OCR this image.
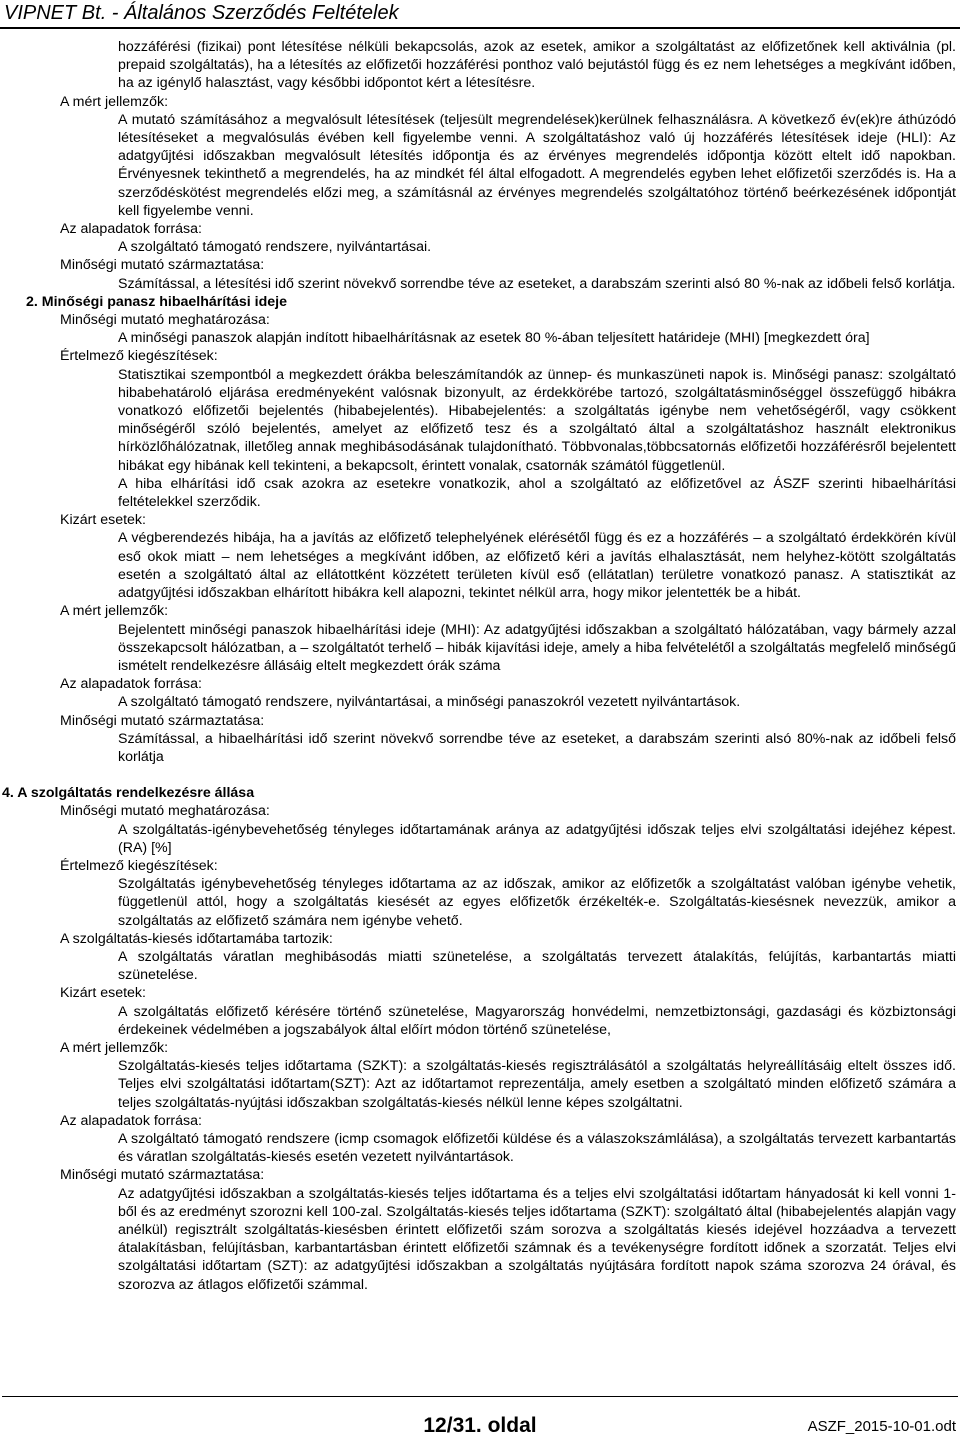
VIPNET Bt. - Általános Szerződés Feltételek

hozzáférési (fizikai) pont létesítése nélküli bekapcsolás, azok az esetek, amikor a szolgáltatást az előfizetőnek kell aktiválnia (pl. prepaid szolgáltatás), ha a létesítés az előfizetői hozzáférési ponthoz való bejutástól függ és ez nem lehetséges a megkívánt időben, ha az igénylő halasztást, vagy későbbi időpontot kért a létesítésre.

A mért jellemzők:

A mutató számításához a megvalósult létesítések (teljesült megrendelések)kerülnek felhasználásra. A következő év(ek)re áthúzódó létesítéseket a megvalósulás évében kell figyelembe venni. A szolgáltatáshoz való új hozzáférés létesítések ideje (HLI): Az adatgyűjtési időszakban megvalósult létesítés időpontja és az érvényes megrendelés időpontja között eltelt idő napokban. Érvényesnek tekinthető a megrendelés, ha az mindkét fél által elfogadott. A megrendelés egyben lehet előfizetői szerződés is. Ha a szerződéskötést megrendelés előzi meg, a számításnál az érvényes megrendelés szolgáltatóhoz történő beérkezésének időpontját kell figyelembe venni.

Az alapadatok forrása:

A szolgáltató támogató rendszere, nyilvántartásai.

Minőségi mutató származtatása:

Számítással, a létesítési idő szerint növekvő sorrendbe téve az eseteket, a darabszám szerinti alsó 80 %-nak az időbeli felső korlátja.

2. Minőségi panasz hibaelhárítási ideje

Minőségi mutató meghatározása:

A minőségi panaszok alapján indított hibaelhárításnak az esetek 80 %-ában teljesített határideje (MHI) [megkezdett óra]

Értelmező kiegészítések:

Statisztikai szempontból a megkezdett órákba beleszámítandók az ünnep- és munkaszüneti napok is. Minőségi panasz: szolgáltató hibabehatároló eljárása eredményeként valósnak bizonyult, az érdekkörébe tartozó, szolgáltatásminőséggel összefüggő hibákra vonatkozó előfizetői bejelentés (hibabejelentés). Hibabejelentés: a szolgáltatás igénybe nem vehetőségéről, vagy csökkent minőségéről szóló bejelentés, amelyet az előfizető tesz és a szolgáltató által a szolgáltatáshoz használt elektronikus hírközlőhálózatnak, illetőleg annak meghibásodásának tulajdonítható. Többvonalas,többcsatornás előfizetői hozzáférésről bejelentett hibákat egy hibának kell tekinteni, a bekapcsolt, érintett vonalak, csatornák számától függetlenül.

A hiba elhárítási idő csak azokra az esetekre vonatkozik, ahol a szolgáltató az előfizetővel az ÁSZF szerinti hibaelhárítási feltételekkel szerződik.

Kizárt esetek:

A végberendezés hibája, ha a javítás az előfizető telephelyének elérésétől függ és ez a hozzáférés – a szolgáltató érdekkörén kívül eső okok miatt – nem lehetséges a megkívánt időben, az előfizető kéri a javítás elhalasztását, nem helyhez-kötött szolgáltatás esetén a szolgáltató által az ellátottként közzétett területen kívül eső (ellátatlan) területre vonatkozó panasz. A statisztikát az adatgyűjtési időszakban elhárított hibákra kell alapozni, tekintet nélkül arra, hogy mikor jelentették be a hibát.

A mért jellemzők:

Bejelentett minőségi panaszok hibaelhárítási ideje (MHI): Az adatgyűjtési időszakban a szolgáltató hálózatában, vagy bármely azzal összekapcsolt hálózatban, a – szolgáltatót terhelő – hibák kijavítási ideje, amely a hiba felvételétől a szolgáltatás megfelelő minőségű ismételt rendelkezésre állásáig eltelt megkezdett órák száma

Az alapadatok forrása:

A szolgáltató támogató rendszere, nyilvántartásai, a minőségi panaszokról vezetett nyilvántartások.

Minőségi mutató származtatása:

Számítással, a hibaelhárítási idő szerint növekvő sorrendbe téve az eseteket, a darabszám szerinti alsó 80%-nak az időbeli felső korlátja

4. A szolgáltatás rendelkezésre állása

Minőségi mutató meghatározása:

A szolgáltatás-igénybevehetőség tényleges időtartamának aránya az adatgyűjtési időszak teljes elvi szolgáltatási idejéhez képest. (RA) [%]

Értelmező kiegészítések:

Szolgáltatás igénybevehetőség tényleges időtartama az az időszak, amikor az előfizetők a szolgáltatást valóban igénybe vehetik, függetlenül attól, hogy a szolgáltatás kiesését az egyes előfizetők érzékelték-e. Szolgáltatás-kiesésnek nevezzük, amikor a szolgáltatás az előfizető számára nem igénybe vehető.

A szolgáltatás-kiesés időtartamába tartozik:

A szolgáltatás váratlan meghibásodás miatti szünetelése, a szolgáltatás tervezett átalakítás, felújítás, karbantartás miatti szünetelése.

Kizárt esetek:

A szolgáltatás előfizető kérésére történő szünetelése, Magyarország honvédelmi, nemzetbiztonsági, gazdasági és közbiztonsági érdekeinek védelmében a jogszabályok által előírt módon történő szünetelése,

A mért jellemzők:

Szolgáltatás-kiesés teljes időtartama (SZKT): a szolgáltatás-kiesés regisztrálásától a szolgáltatás helyreállításáig eltelt összes idő. Teljes elvi szolgáltatási időtartam(SZT): Azt az időtartamot reprezentálja, amely esetben a szolgáltató minden előfizető számára a teljes szolgáltatás-nyújtási időszakban szolgáltatás-kiesés nélkül lenne képes szolgáltatni.

Az alapadatok forrása:

A szolgáltató támogató rendszere (icmp csomagok előfizetői küldése és a válaszokszámlálása), a szolgáltatás tervezett karbantartás és váratlan szolgáltatás-kiesés esetén vezetett nyilvántartások.

Minőségi mutató származtatása:

Az adatgyűjtési időszakban a szolgáltatás-kiesés teljes időtartama és a teljes elvi szolgáltatási időtartam hányadosát ki kell vonni 1-ből és az eredményt szorozni kell 100-zal. Szolgáltatás-kiesés teljes időtartama (SZKT): szolgáltató által (hibabejelentés alapján vagy anélkül) regisztrált szolgáltatás-kiesésben érintett előfizetői szám sorozva a szolgáltatás kiesés idejével hozzáadva a tervezett átalakításban, felújításban, karbantartásban érintett előfizetői számnak és a tevékenységre fordított időnek a szorzatát. Teljes elvi szolgáltatási időtartam (SZT): az adatgyűjtési időszakban a szolgáltatás nyújtására fordított napok száma szorozva 24 órával, és szorozva az átlagos előfizetői számmal.

12/31. oldal	ASZF_2015-10-01.odt
